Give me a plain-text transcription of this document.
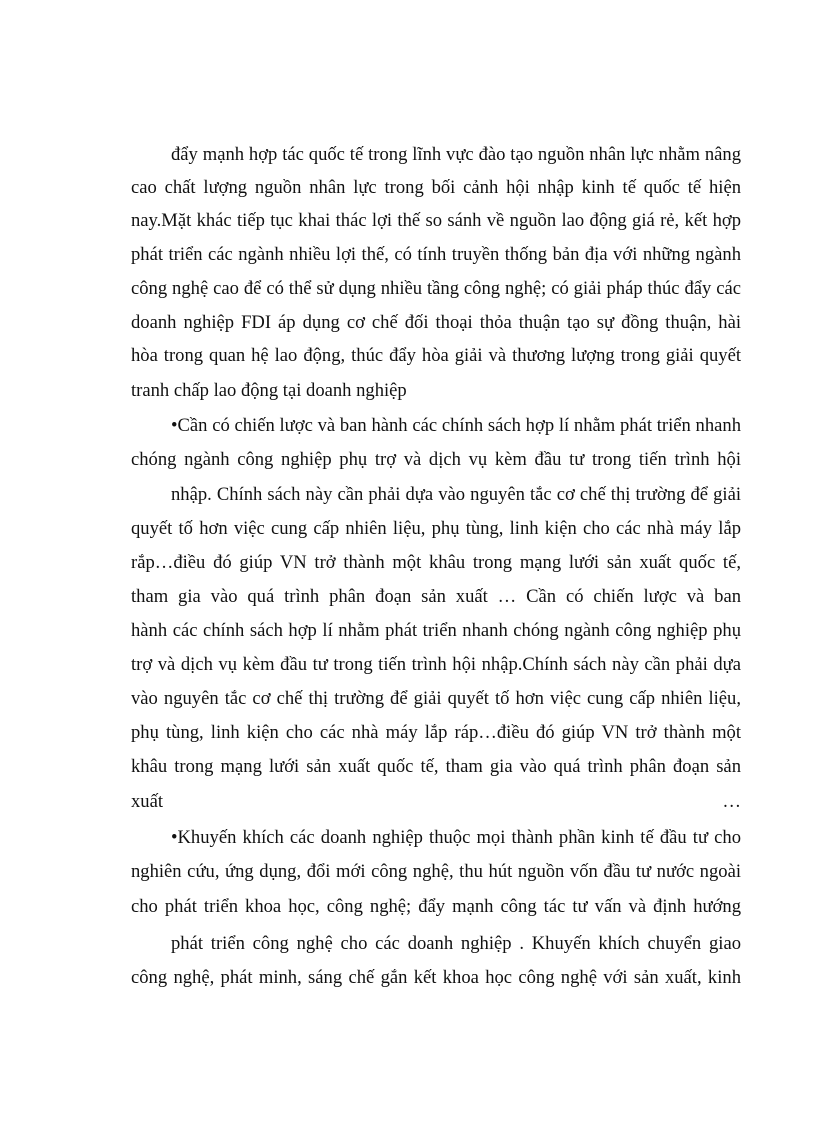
đẩy mạnh hợp tác quốc tế trong lĩnh vực đào tạo nguồn nhân lực nhằm nâng
cao chất lượng nguồn nhân lực trong bối cảnh hội nhập kinh tế quốc tế hiện
nay.Mặt khác tiếp tục khai thác lợi thế so sánh về nguồn lao động giá rẻ, kết hợp
phát triển các ngành nhiều lợi thế, có tính truyền thống bản địa với những ngành
công nghệ cao để có thể sử dụng nhiều tầng công nghệ; có giải pháp thúc đẩy các
doanh nghiệp FDI áp dụng cơ chế đối thoại thỏa thuận tạo sự đồng thuận, hài
hòa trong quan hệ lao động, thúc đẩy hòa giải và thương lượng trong giải quyết
tranh chấp lao động tại doanh nghiệp
•Cần có chiến lược và ban hành các chính sách hợp lí nhằm phát triển nhanh
chóng ngành công nghiệp phụ trợ và dịch vụ kèm đầu tư trong tiến trình hội
nhập. Chính sách này cần phải dựa vào nguyên tắc cơ chế thị trường để giải
quyết tố hơn việc cung cấp nhiên liệu, phụ tùng, linh kiện cho các nhà máy lắp
rắp…điều đó giúp VN trở thành một khâu trong mạng lưới sản xuất quốc tế,
tham gia vào quá trình phân đoạn sản xuất … Cần có chiến lược và ban
hành các chính sách hợp lí nhằm phát triển nhanh chóng ngành công nghiệp phụ
trợ và dịch vụ kèm đầu tư trong tiến trình hội nhập.Chính sách này cần phải dựa
vào nguyên tắc cơ chế thị trường để giải quyết tố hơn việc cung cấp nhiên liệu,
phụ tùng, linh kiện cho các nhà máy lắp ráp…điều đó giúp VN trở thành một
khâu trong mạng lưới sản xuất quốc tế, tham gia vào quá trình phân đoạn sản
xuất	…
•Khuyến khích các doanh nghiệp thuộc mọi thành phần kinh tế đầu tư cho
nghiên cứu, ứng dụng, đổi mới công nghệ, thu hút nguồn vốn đầu tư nước ngoài
cho phát triển khoa học, công nghệ; đẩy mạnh công tác tư vấn và định hướng
phát triển công nghệ cho các doanh nghiệp . Khuyến khích chuyển giao
công nghệ, phát minh, sáng chế gắn kết khoa học công nghệ với sản xuất, kinh
